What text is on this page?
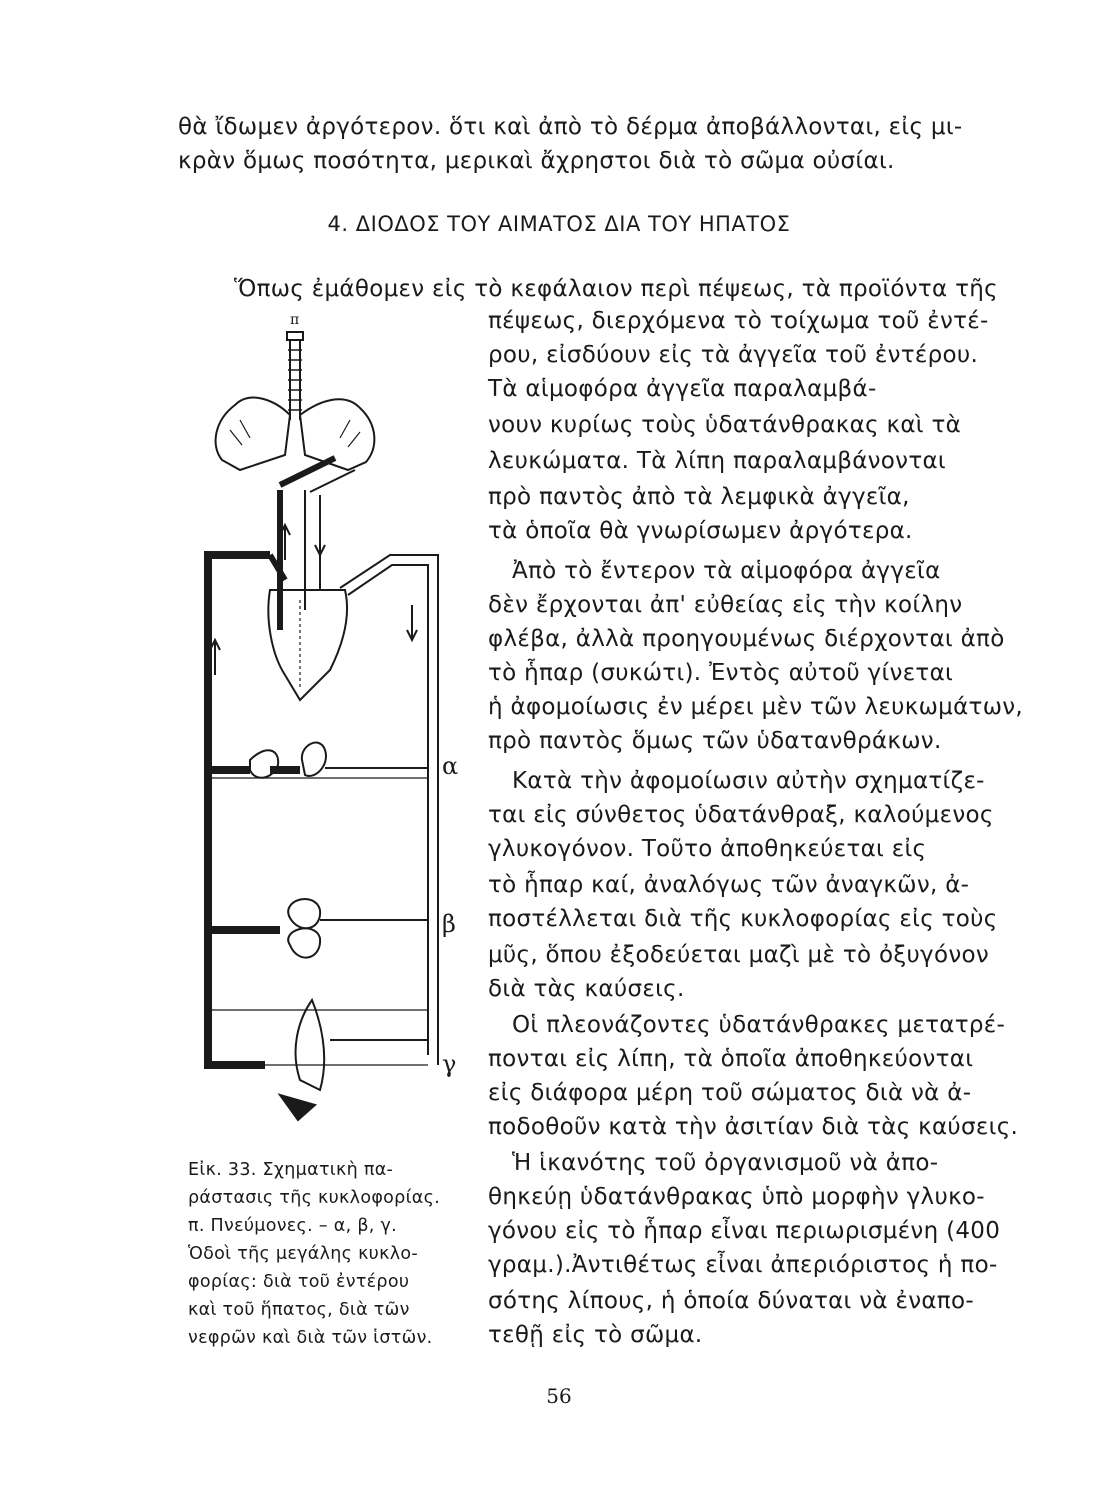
θὰ ἴδωμεν ἀργότερον. ὅτι καὶ ἀπὸ τὸ δέρμα ἀποβάλλονται, εἰς μι-
κρὰν ὅμως ποσότητα, μερικαὶ ἄχρηστοι διὰ τὸ σῶμα οὐσίαι.
4. ΔΙΟΔΟΣ ΤΟΥ ΑΙΜΑΤΟΣ ΔΙΑ ΤΟΥ ΗΠΑΤΟΣ
Ὅπως ἐμάθομεν εἰς τὸ κεφάλαιον περὶ πέψεως, τὰ προϊόντα τῆς
πέψεως, διερχόμενα τὸ τοίχωμα τοῦ ἐντέ-
ρου, εἰσδύουν εἰς τὰ ἀγγεῖα τοῦ ἐντέρου.
Τὰ αἱμοφόρα ἀγγεῖα παραλαμβά-
νουν κυρίως τοὺς ὑδατάνθρακας καὶ τὰ
λευκώματα. Τὰ λίπη παραλαμβάνονται
πρὸ παντὸς ἀπὸ τὰ λεμφικὰ ἀγγεῖα,
τὰ ὁποῖα θὰ γνωρίσωμεν ἀργότερα.
Ἀπὸ τὸ ἔντερον τὰ αἱμοφόρα ἀγγεῖα
δὲν ἔρχονται ἀπ' εὐθείας εἰς τὴν κοίλην
φλέβα, ἀλλὰ προηγουμένως διέρχονται ἀπὸ
τὸ ἧπαρ (συκώτι). Ἐντὸς αὐτοῦ γίνεται
ἡ ἀφομοίωσις ἐν μέρει μὲν τῶν λευκωμάτων,
πρὸ παντὸς ὅμως τῶν ὑδατανθράκων.
Κατὰ τὴν ἀφομοίωσιν αὐτὴν σχηματίζε-
ται εἰς σύνθετος ὑδατάνθραξ, καλούμενος
γλυκογόνον. Τοῦτο ἀποθηκεύεται εἰς
τὸ ἧπαρ καί, ἀναλόγως τῶν ἀναγκῶν, ἀ-
ποστέλλεται διὰ τῆς κυκλοφορίας εἰς τοὺς
μῦς, ὅπου ἐξοδεύεται μαζὶ μὲ τὸ ὀξυγόνον
διὰ τὰς καύσεις.
Οἱ πλεονάζοντες ὑδατάνθρακες μετατρέ-
πονται εἰς λίπη, τὰ ὁποῖα ἀποθηκεύονται
εἰς διάφορα μέρη τοῦ σώματος διὰ νὰ ἀ-
ποδοθοῦν κατὰ τὴν ἀσιτίαν διὰ τὰς καύσεις.
Ἡ ἱκανότης τοῦ ὀργανισμοῦ νὰ ἀπο-
θηκεύῃ ὑδατάνθρακας ὑπὸ μορφὴν γλυκο-
γόνου εἰς τὸ ἧπαρ εἶναι περιωρισμένη (400
γραμ.).Ἀντιθέτως εἶναι ἀπεριόριστος ἡ πο-
σότης λίπους, ἡ ὁποία δύναται νὰ ἐναπο-
τεθῇ εἰς τὸ σῶμα.
π
α
β
γ
Εἰκ. 33. Σχηματικὴ πα-
ράστασις τῆς κυκλοφορίας.
π. Πνεύμονες. – α, β, γ.
Ὁδοὶ τῆς μεγάλης κυκλο-
φορίας: διὰ τοῦ ἐντέρου
καὶ τοῦ ἥπατος, διὰ τῶν
νεφρῶν καὶ διὰ τῶν ἱστῶν.
56
